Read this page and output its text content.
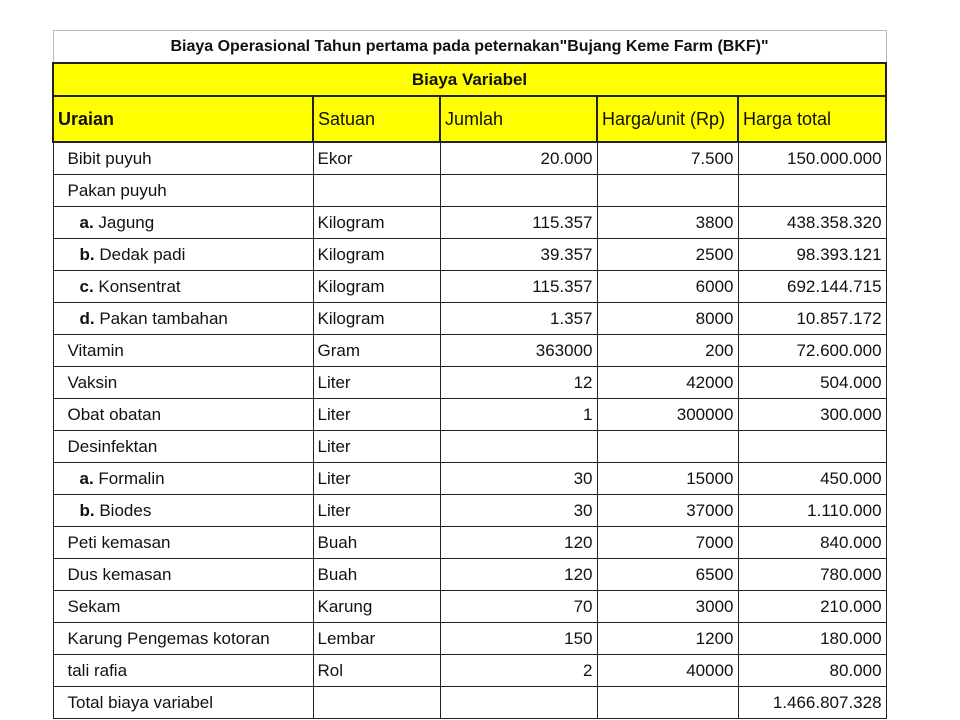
Biaya Operasional Tahun pertama pada peternakan"Bujang Keme Farm (BKF)"				
Biaya Variabel				
Uraian	Satuan	Jumlah	Harga/unit (Rp)	Harga total
Bibit puyuh	Ekor	20.000	7.500	150.000.000
Pakan puyuh				
a. Jagung	Kilogram	115.357	3800	438.358.320
b. Dedak padi	Kilogram	39.357	2500	98.393.121
c. Konsentrat	Kilogram	115.357	6000	692.144.715
d. Pakan tambahan	Kilogram	1.357	8000	10.857.172
Vitamin	Gram	363000	200	72.600.000
Vaksin	Liter	12	42000	504.000
Obat obatan	Liter	1	300000	300.000
Desinfektan	Liter			
a. Formalin	Liter	30	15000	450.000
b. Biodes	Liter	30	37000	1.110.000
Peti kemasan	Buah	120	7000	840.000
Dus kemasan	Buah	120	6500	780.000
Sekam	Karung	70	3000	210.000
Karung Pengemas kotoran	Lembar	150	1200	180.000
tali rafia	Rol	2	40000	80.000
Total biaya variabel				1.466.807.328
